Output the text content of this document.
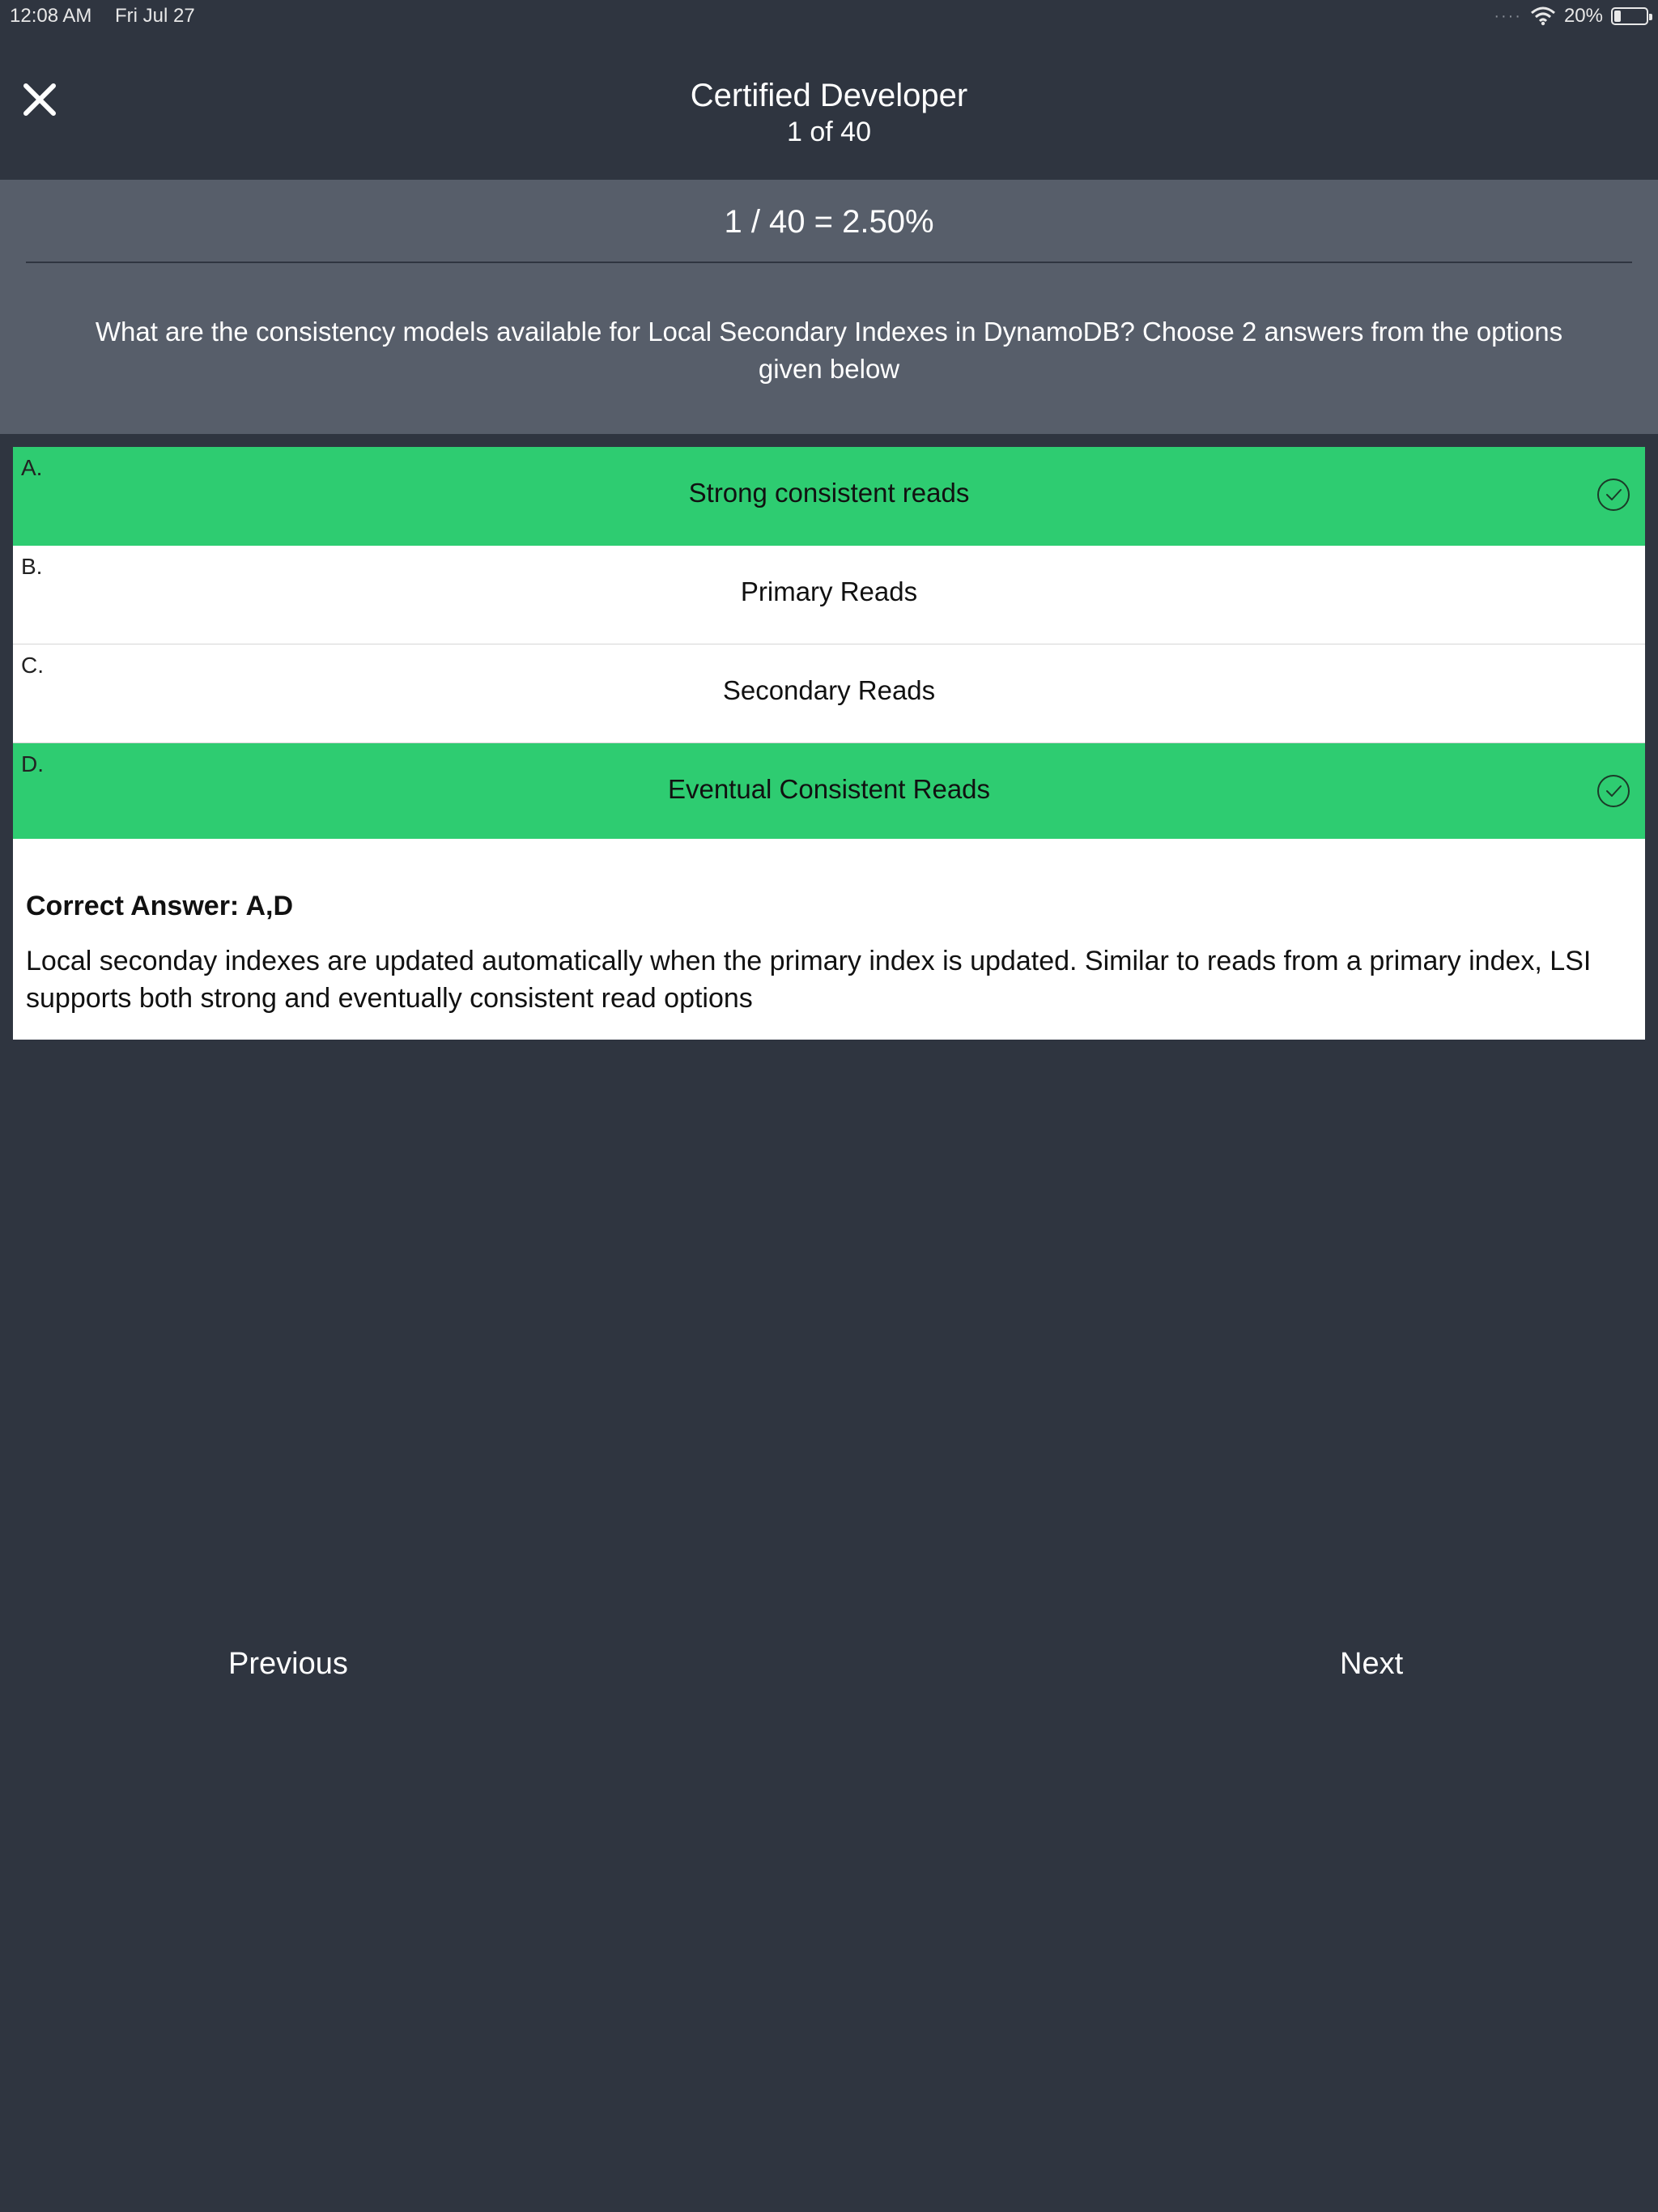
12:08 AM Fri Jul 27	···· 20%
Certified Developer
1 of 40
1 / 40 = 2.50%
What are the consistency models available for Local Secondary Indexes in DynamoDB? Choose 2 answers from the options given below
A.
Strong consistent reads
B.
Primary Reads
C.
Secondary Reads
D.
Eventual Consistent Reads
Correct Answer: A,D
Local seconday indexes are updated automatically when the primary index is updated. Similar to reads from a primary index, LSI supports both strong and eventually consistent read options
Previous	Next
